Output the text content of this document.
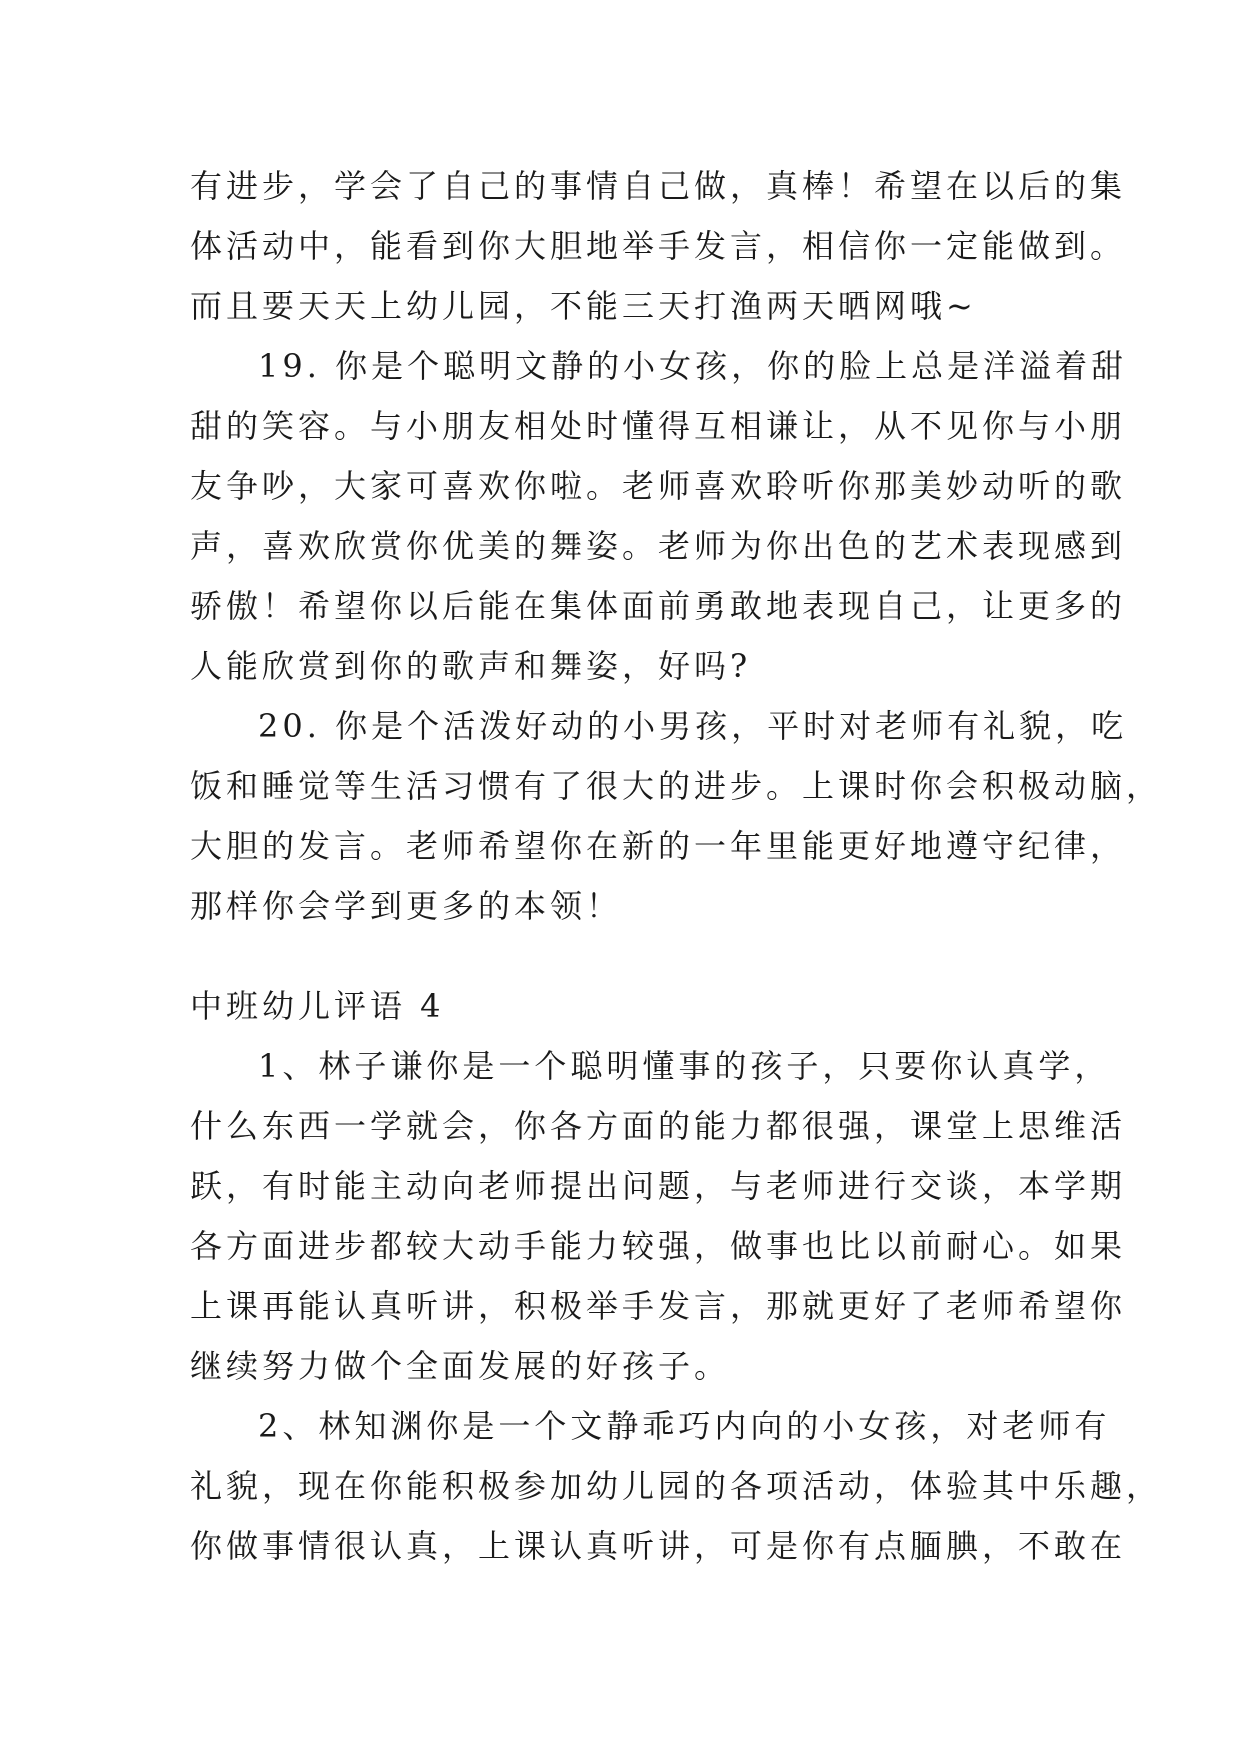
有进步，学会了自己的事情自己做，真棒！希望在以后的集
体活动中，能看到你大胆地举手发言，相信你一定能做到。
而且要天天上幼儿园，不能三天打渔两天晒网哦~
19. 你是个聪明文静的小女孩，你的脸上总是洋溢着甜
甜的笑容。与小朋友相处时懂得互相谦让，从不见你与小朋
友争吵，大家可喜欢你啦。老师喜欢聆听你那美妙动听的歌
声，喜欢欣赏你优美的舞姿。老师为你出色的艺术表现感到
骄傲！希望你以后能在集体面前勇敢地表现自己，让更多的
人能欣赏到你的歌声和舞姿，好吗?
20. 你是个活泼好动的小男孩，平时对老师有礼貌，吃
饭和睡觉等生活习惯有了很大的进步。上课时你会积极动脑，
大胆的发言。老师希望你在新的一年里能更好地遵守纪律，
那样你会学到更多的本领！
中班幼儿评语 4
1、林子谦你是一个聪明懂事的孩子，只要你认真学，
什么东西一学就会，你各方面的能力都很强，课堂上思维活
跃，有时能主动向老师提出问题，与老师进行交谈，本学期
各方面进步都较大动手能力较强，做事也比以前耐心。如果
上课再能认真听讲，积极举手发言，那就更好了老师希望你
继续努力做个全面发展的好孩子。
2、林知渊你是一个文静乖巧内向的小女孩，对老师有
礼貌，现在你能积极参加幼儿园的各项活动，体验其中乐趣，
你做事情很认真，上课认真听讲，可是你有点腼腆，不敢在
